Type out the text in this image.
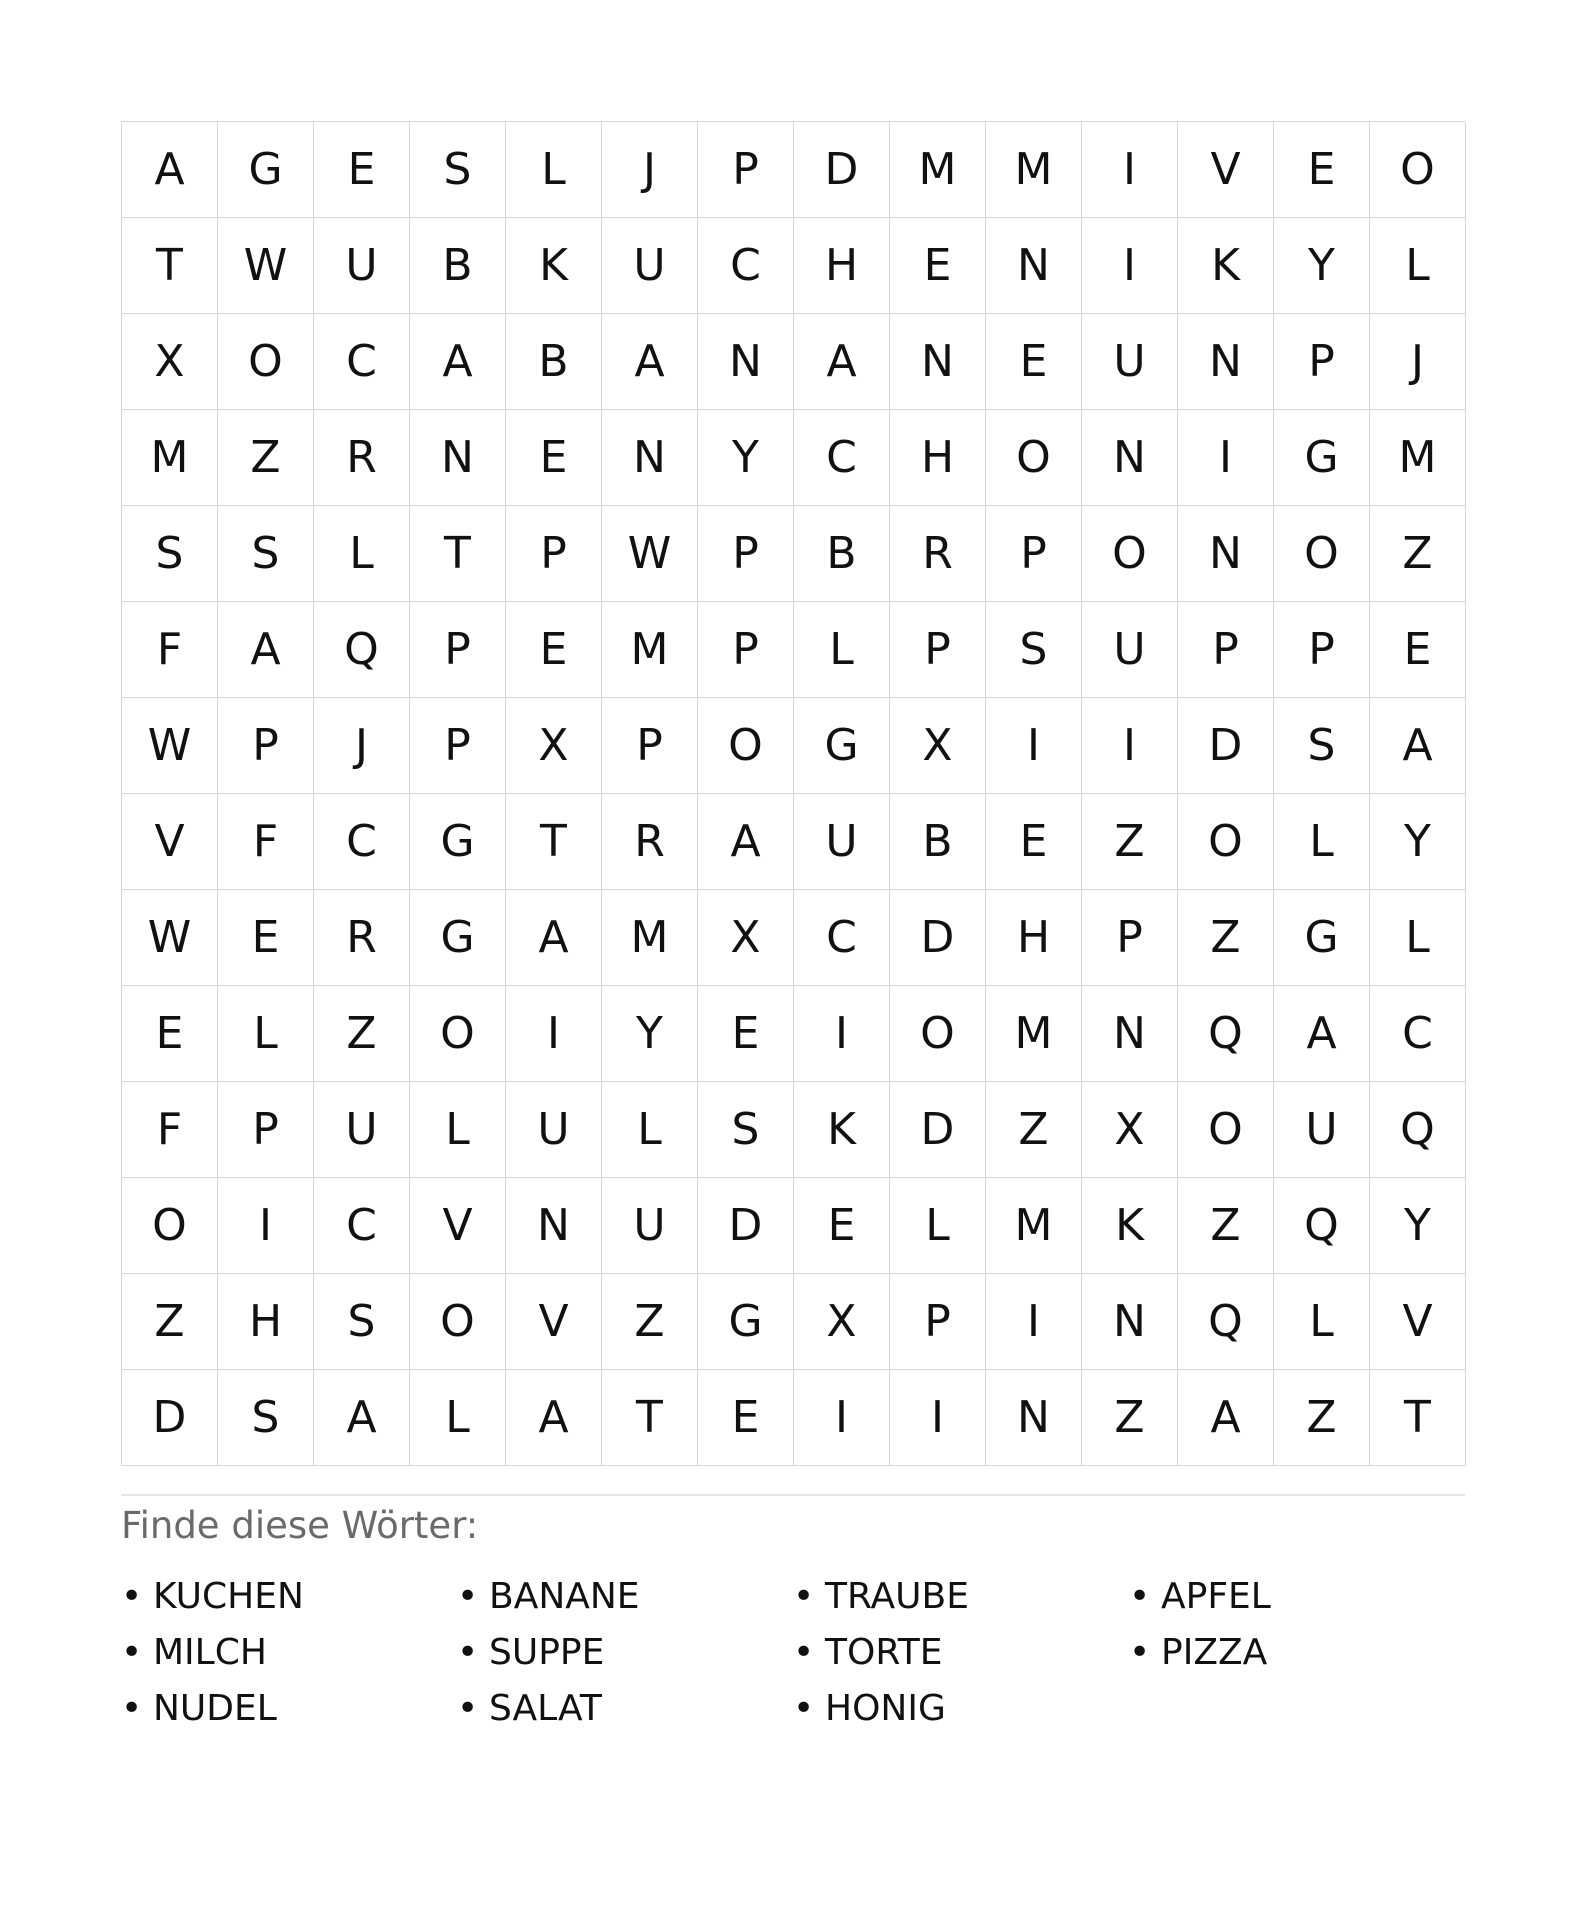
A	G	E	S	L	J	P	D	M	M	I	V	E	O
T	W	U	B	K	U	C	H	E	N	I	K	Y	L
X	O	C	A	B	A	N	A	N	E	U	N	P	J
M	Z	R	N	E	N	Y	C	H	O	N	I	G	M
S	S	L	T	P	W	P	B	R	P	O	N	O	Z
F	A	Q	P	E	M	P	L	P	S	U	P	P	E
W	P	J	P	X	P	O	G	X	I	I	D	S	A
V	F	C	G	T	R	A	U	B	E	Z	O	L	Y
W	E	R	G	A	M	X	C	D	H	P	Z	G	L
E	L	Z	O	I	Y	E	I	O	M	N	Q	A	C
F	P	U	L	U	L	S	K	D	Z	X	O	U	Q
O	I	C	V	N	U	D	E	L	M	K	Z	Q	Y
Z	H	S	O	V	Z	G	X	P	I	N	Q	L	V
D	S	A	L	A	T	E	I	I	N	Z	A	Z	T
Finde diese Wörter:
• KUCHEN	• BANANE	• TRAUBE	• APFEL
• MILCH	• SUPPE	• TORTE	• PIZZA
• NUDEL	• SALAT	• HONIG
